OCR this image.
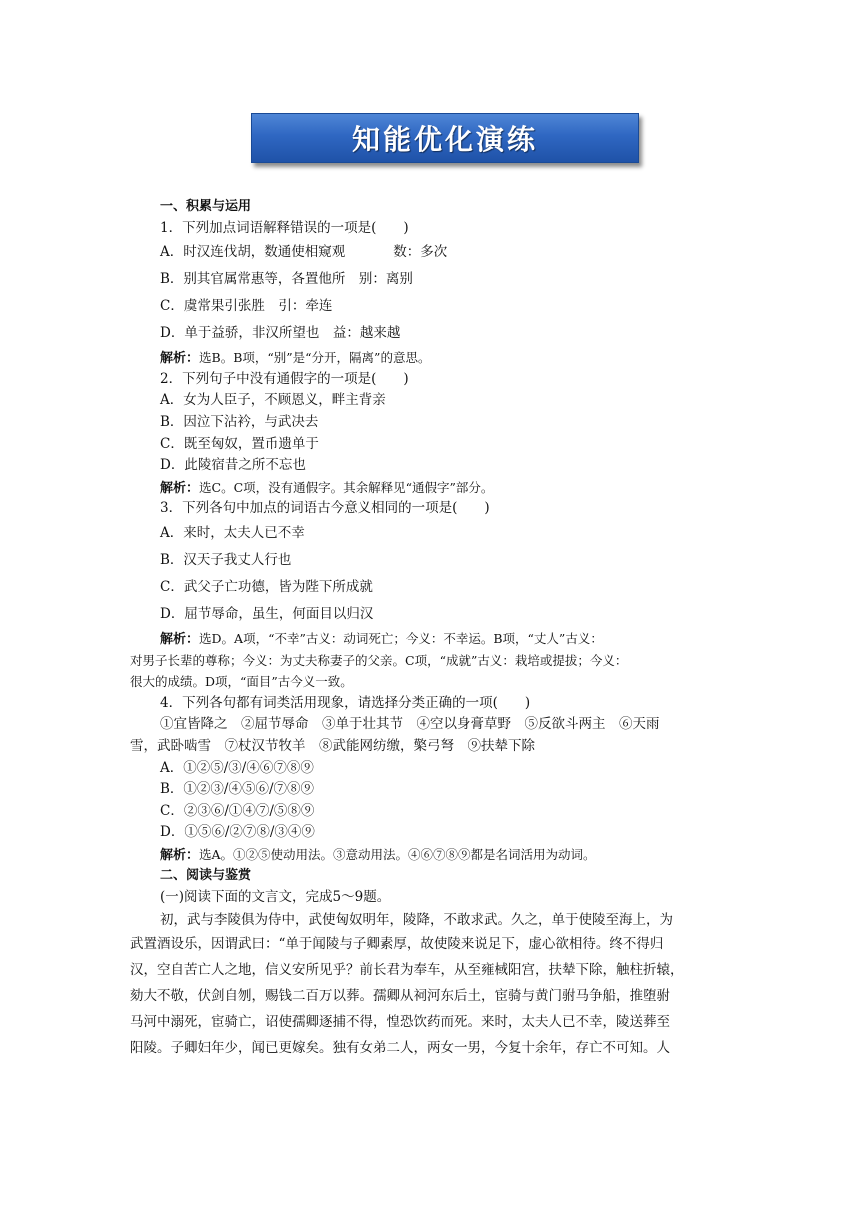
知能优化演练
一、积累与运用
1．下列加点词语解释错误的一项是(　　)
A．时汉连伐胡，数通使相窥观	数：多次
B．别其官属常惠等，各置他所　别：离别
C．虞常果引张胜　引：牵连
D．单于益骄，非汉所望也　益：越来越
解析：选B。B项，“别”是“分开，隔离”的意思。
2．下列句子中没有通假字的一项是(　　)
A．女为人臣子，不顾恩义，畔主背亲
B．因泣下沾衿，与武决去
C．既至匈奴，置币遗单于
D．此陵宿昔之所不忘也
解析：选C。C项，没有通假字。其余解释见“通假字”部分。
3．下列各句中加点的词语古今意义相同的一项是(　　)
A．来时，太夫人已不幸
B．汉天子我丈人行也
C．武父子亡功德，皆为陛下所成就
D．屈节辱命，虽生，何面目以归汉
解析：选D。A项，“不幸”古义：动词死亡；今义：不幸运。B项，“丈人”古义：
对男子长辈的尊称；今义：为丈夫称妻子的父亲。C项，“成就”古义：栽培或提拔；今义：
很大的成绩。D项，“面目”古今义一致。
4．下列各句都有词类活用现象，请选择分类正确的一项(　　)
①宜皆降之　②屈节辱命　③单于壮其节　④空以身膏草野　⑤反欲斗两主　⑥天雨
雪，武卧啮雪　⑦杖汉节牧羊　⑧武能网纺缴，檠弓弩　⑨扶辇下除
A．①②⑤/③/④⑥⑦⑧⑨
B．①②③/④⑤⑥/⑦⑧⑨
C．②③⑥/①④⑦/⑤⑧⑨
D．①⑤⑥/②⑦⑧/③④⑨
解析：选A。①②⑤使动用法。③意动用法。④⑥⑦⑧⑨都是名词活用为动词。
二、阅读与鉴赏
(一)阅读下面的文言文，完成5～9题。
初，武与李陵俱为侍中，武使匈奴明年，陵降，不敢求武。久之，单于使陵至海上，为
武置酒设乐，因谓武曰：“单于闻陵与子卿素厚，故使陵来说足下，虚心欲相待。终不得归
汉，空自苦亡人之地，信义安所见乎？前长君为奉车，从至雍棫阳宫，扶辇下除，触柱折辕，
劾大不敬，伏剑自刎，赐钱二百万以葬。孺卿从祠河东后土，宦骑与黄门驸马争船，推堕驸
马河中溺死，宦骑亡，诏使孺卿逐捕不得，惶恐饮药而死。来时，太夫人已不幸，陵送葬至
阳陵。子卿妇年少，闻已更嫁矣。独有女弟二人，两女一男，今复十余年，存亡不可知。人
